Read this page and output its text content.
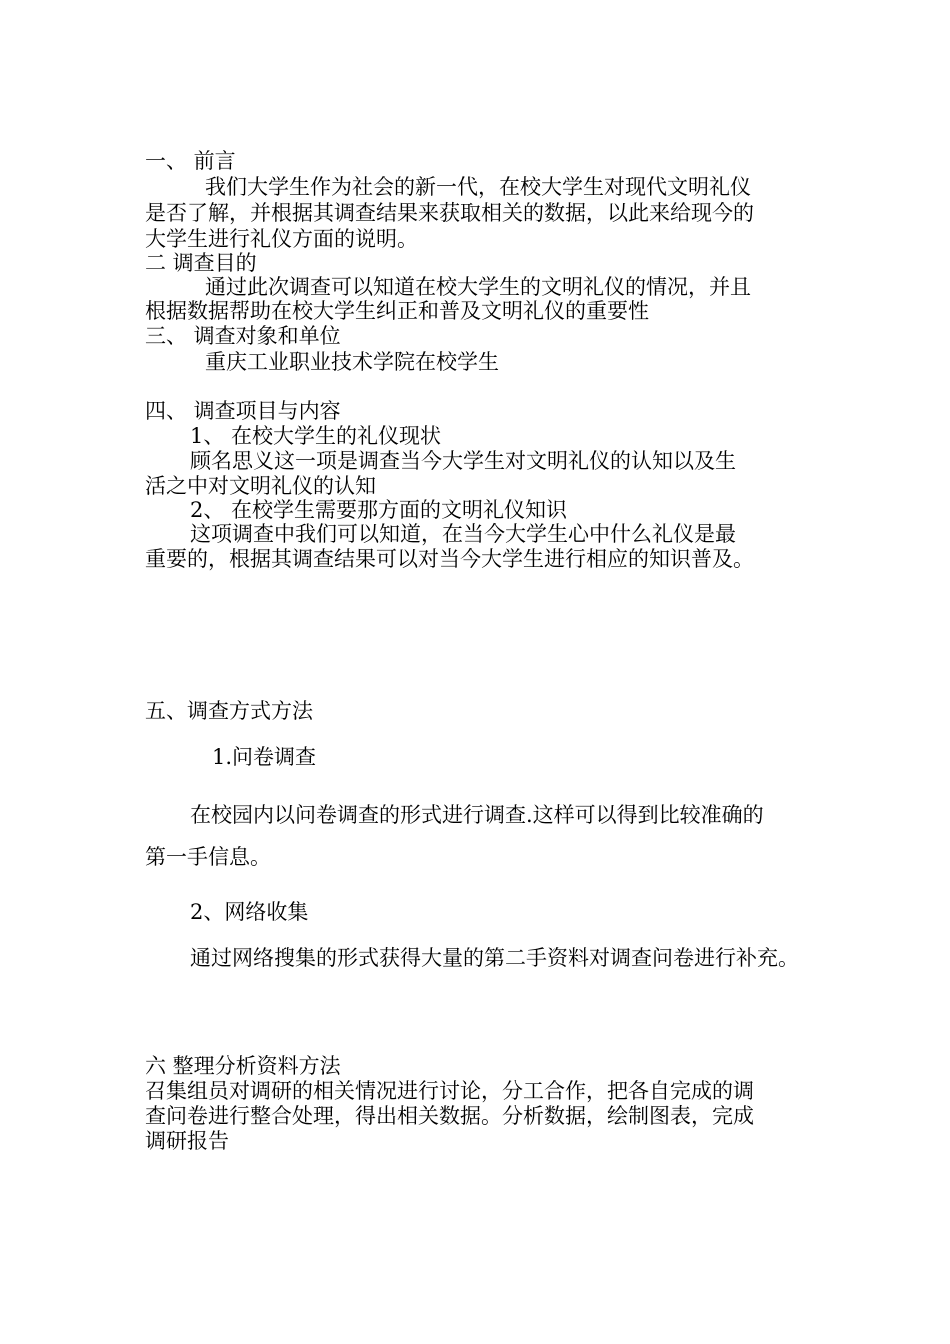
一、 前言
我们大学生作为社会的新一代，在校大学生对现代文明礼仪
是否了解，并根据其调查结果来获取相关的数据，以此来给现今的
大学生进行礼仪方面的说明。
二 调查目的
通过此次调查可以知道在校大学生的文明礼仪的情况，并且
根据数据帮助在校大学生纠正和普及文明礼仪的重要性
三、 调查对象和单位
重庆工业职业技术学院在校学生
四、 调查项目与内容
1、 在校大学生的礼仪现状
顾名思义这一项是调查当今大学生对文明礼仪的认知以及生
活之中对文明礼仪的认知
2、 在校学生需要那方面的文明礼仪知识
这项调查中我们可以知道，在当今大学生心中什么礼仪是最
重要的，根据其调查结果可以对当今大学生进行相应的知识普及。
五、调查方式方法
1.问卷调查
在校园内以问卷调查的形式进行调查.这样可以得到比较准确的
第一手信息。
2、网络收集
通过网络搜集的形式获得大量的第二手资料对调查问卷进行补充。
六 整理分析资料方法
召集组员对调研的相关情况进行讨论，分工合作，把各自完成的调
查问卷进行整合处理，得出相关数据。分析数据，绘制图表，完成
调研报告
